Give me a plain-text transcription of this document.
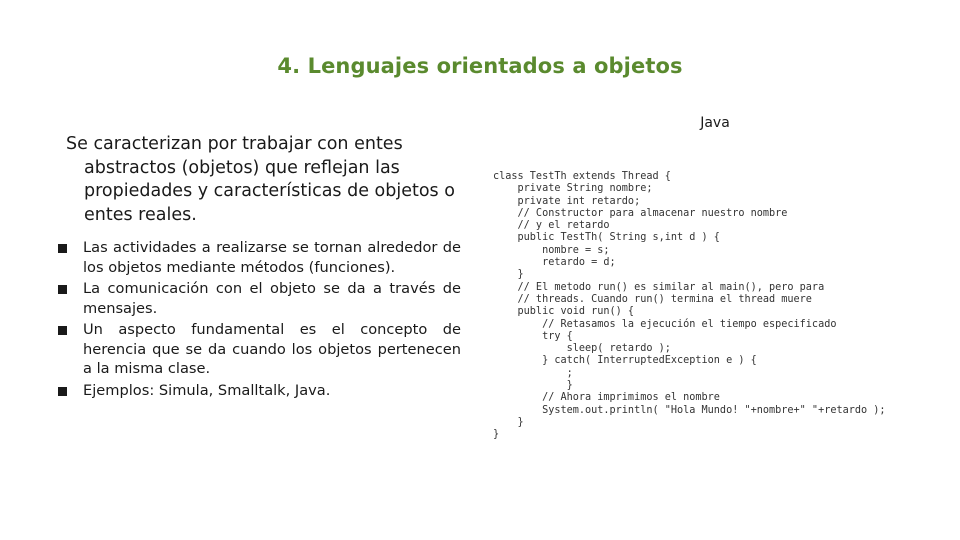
4. Lenguajes orientados a objetos
Se caracterizan por trabajar con entes abstractos (objetos) que reflejan las propiedades y características de objetos o entes reales.
Las actividades a realizarse se tornan alrededor de los objetos mediante métodos (funciones).
La comunicación con el objeto se da a través de mensajes.
Un aspecto fundamental es el concepto de herencia que se da cuando los objetos pertenecen a la misma clase.
Ejemplos: Simula, Smalltalk, Java.
Java
class TestTh extends Thread {
private String nombre;
private int retardo;
// Constructor para almacenar nuestro nombre
// y el retardo
public TestTh( String s,int d ) {
nombre = s;
retardo = d;
}
// El metodo run() es similar al main(), pero para
// threads. Cuando run() termina el thread muere
public void run() {
// Retasamos la ejecución el tiempo especificado
try {
sleep( retardo );
} catch( InterruptedException e ) {
;
}
// Ahora imprimimos el nombre
System.out.println( "Hola Mundo! "+nombre+" "+retardo );
}
}
